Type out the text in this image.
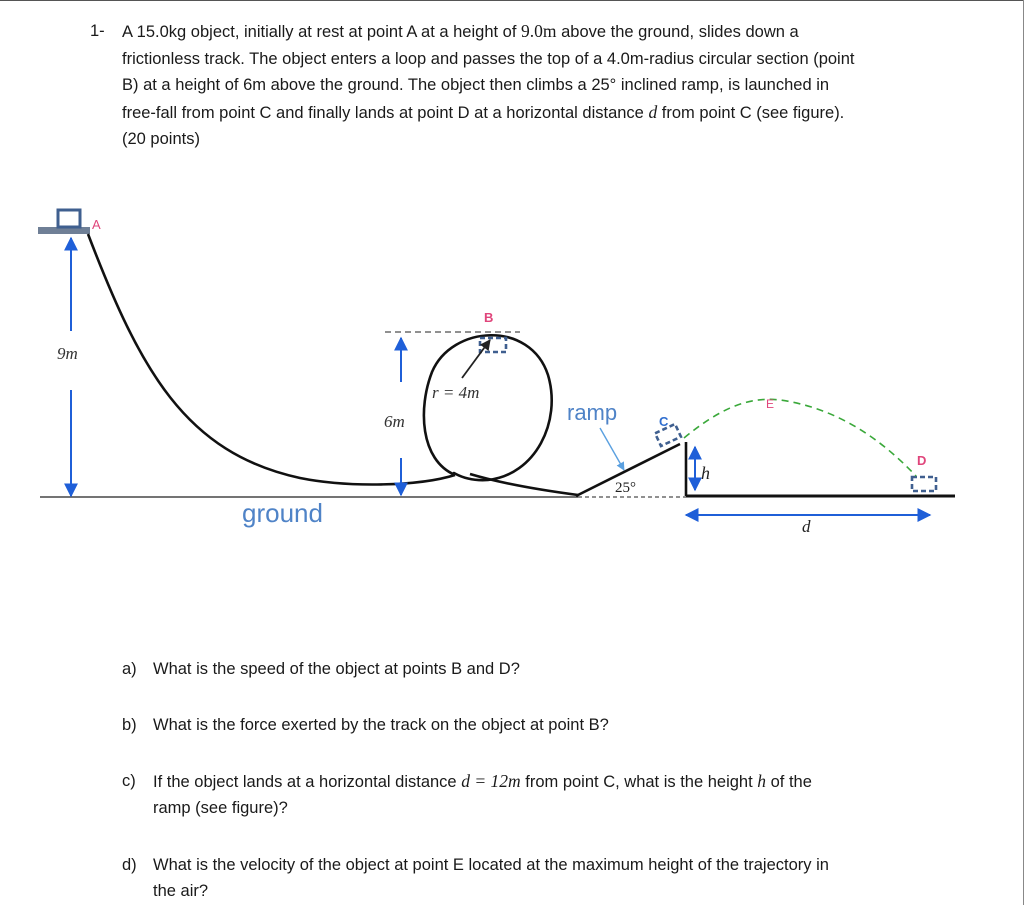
1- A 15.0kg object, initially at rest at point A at a height of 9.0m above the ground, slides down a
frictionless track. The object enters a loop and passes the top of a 4.0m-radius circular section (point
B) at a height of 6m above the ground. The object then climbs a 25° inclined ramp, is launched in
free-fall from point C and finally lands at point D at a horizontal distance d from point C (see figure).
(20 points)
9m
6m
r = 4m
ramp
25°
h
d
A
B
C
D
E
ground
a) What is the speed of the object at points B and D?
b) What is the force exerted by the track on the object at point B?
c) If the object lands at a horizontal distance d = 12m from point C, what is the height h of the
ramp (see figure)?
d) What is the velocity of the object at point E located at the maximum height of the trajectory in
the air?
